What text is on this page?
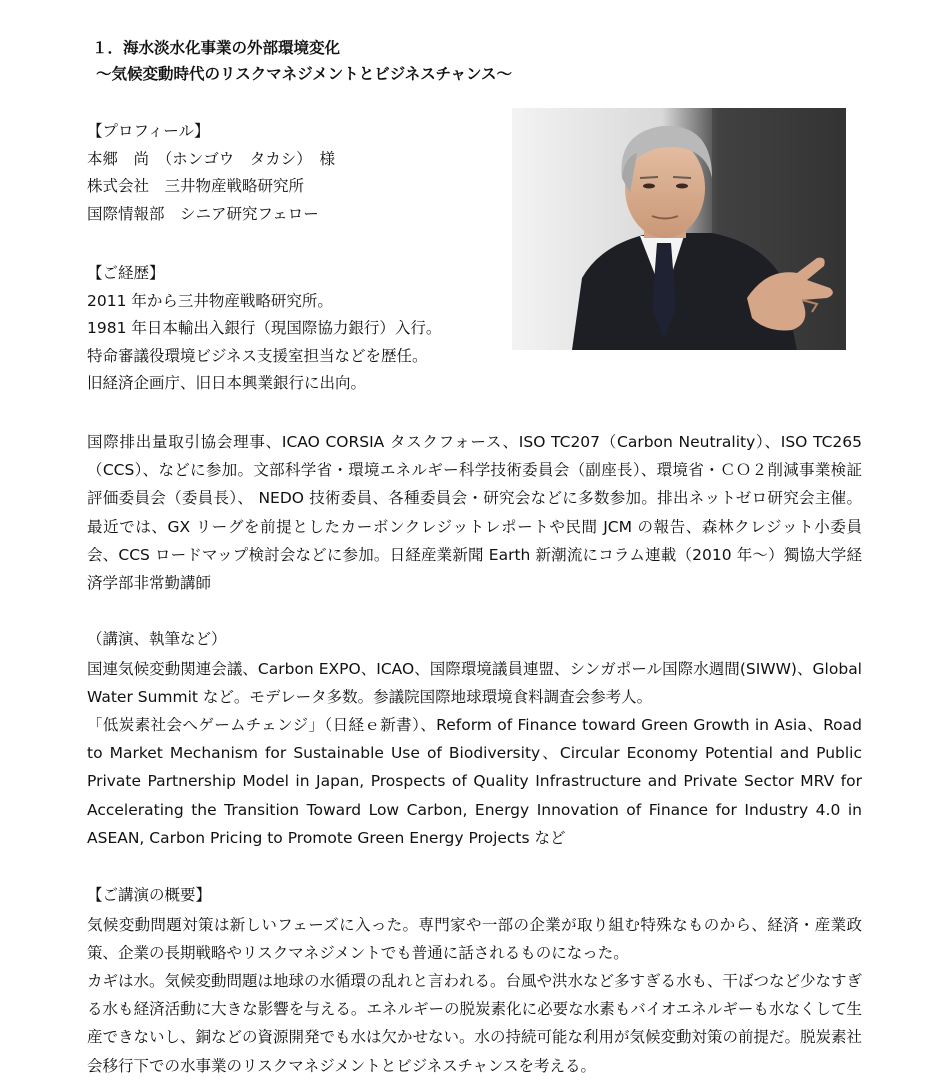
１．海水淡水化事業の外部環境変化
～気候変動時代のリスクマネジメントとビジネスチャンス～
【プロフィール】
本郷　尚　（ホンゴウ　タカシ）　様
株式会社　三井物産戦略研究所
国際情報部　シニア研究フェロー
【ご経歴】
2011 年から三井物産戦略研究所。
1981 年日本輸出入銀行（現国際協力銀行）入行。
特命審議役環境ビジネス支援室担当などを歴任。
旧経済企画庁、旧日本興業銀行に出向。
国際排出量取引協会理事、ICAO CORSIA タスクフォース、ISO TC207（Carbon Neutrality）、ISO TC265（CCS）、などに参加。文部科学省・環境エネルギー科学技術委員会（副座長）、環境省・ＣＯ２削減事業検証評価委員会（委員長）、 NEDO 技術委員、各種委員会・研究会などに多数参加。排出ネットゼロ研究会主催。最近では、GX リーグを前提としたカーボンクレジットレポートや民間 JCM の報告、森林クレジット小委員会、CCS ロードマップ検討会などに参加。日経産業新聞 Earth 新潮流にコラム連載（2010 年～）獨協大学経済学部非常勤講師
（講演、執筆など）
国連気候変動関連会議、Carbon EXPO、ICAO、国際環境議員連盟、シンガポール国際水週間(SIWW)、Global Water Summit など。モデレータ多数。参議院国際地球環境食料調査会参考人。
「低炭素社会へゲームチェンジ」（日経ｅ新書）、Reform of Finance toward Green Growth in Asia、Road to Market Mechanism for Sustainable Use of Biodiversity、Circular Economy Potential and Public Private Partnership Model in Japan, Prospects of Quality Infrastructure and Private Sector MRV for Accelerating the Transition Toward Low Carbon, Energy Innovation of Finance for Industry 4.0 in ASEAN, Carbon Pricing to Promote Green Energy Projects など
【ご講演の概要】
気候変動問題対策は新しいフェーズに入った。専門家や一部の企業が取り組む特殊なものから、経済・産業政策、企業の長期戦略やリスクマネジメントでも普通に話されるものになった。
カギは水。気候変動問題は地球の水循環の乱れと言われる。台風や洪水など多すぎる水も、干ばつなど少なすぎる水も経済活動に大きな影響を与える。エネルギーの脱炭素化に必要な水素もバイオエネルギーも水なくして生産できないし、銅などの資源開発でも水は欠かせない。水の持続可能な利用が気候変動対策の前提だ。脱炭素社会移行下での水事業のリスクマネジメントとビジネスチャンスを考える。
